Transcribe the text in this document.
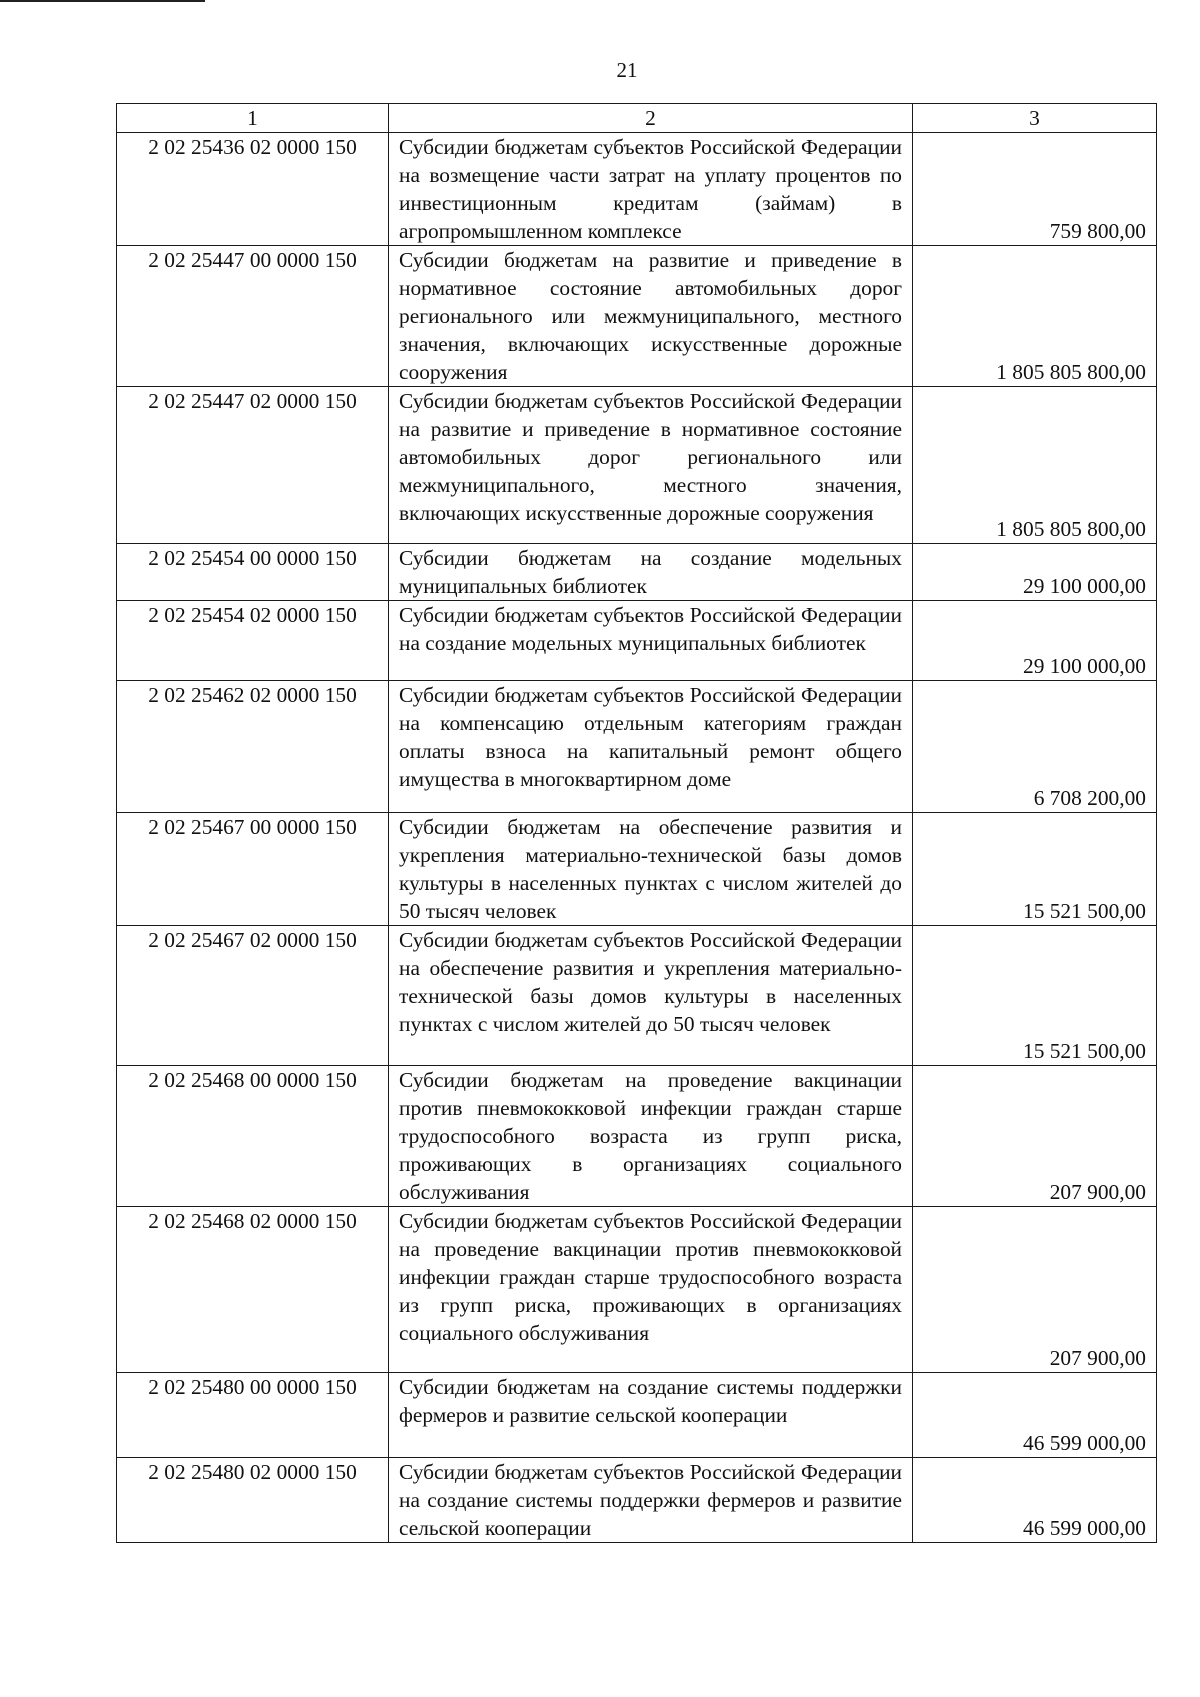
21
1	2	3
2 02 25436 02 0000 150	Субсидии бюджетам субъектов Российской Федерации на возмещение части затрат на уплату процентов по инвестиционным кредитам (займам) в агропромышленном комплексе	759 800,00
2 02 25447 00 0000 150	Субсидии бюджетам на развитие и приведение в нормативное состояние автомобильных дорог регионального или межмуниципального, местного значения, включающих искусственные дорожные сооружения	1 805 805 800,00
2 02 25447 02 0000 150	Субсидии бюджетам субъектов Российской Федерации на развитие и приведение в нормативное состояние автомобильных дорог регионального или межмуниципального, местного значения, включающих искусственные дорожные сооружения	1 805 805 800,00
2 02 25454 00 0000 150	Субсидии бюджетам на создание модельных муниципальных библиотек	29 100 000,00
2 02 25454 02 0000 150	Субсидии бюджетам субъектов Российской Федерации на создание модельных муниципальных библиотек	29 100 000,00
2 02 25462 02 0000 150	Субсидии бюджетам субъектов Российской Федерации на компенсацию отдельным категориям граждан оплаты взноса на капитальный ремонт общего имущества в многоквартирном доме	6 708 200,00
2 02 25467 00 0000 150	Субсидии бюджетам на обеспечение развития и укрепления материально-технической базы домов культуры в населенных пунктах с числом жителей до 50 тысяч человек	15 521 500,00
2 02 25467 02 0000 150	Субсидии бюджетам субъектов Российской Федерации на обеспечение развития и укрепления материально-технической базы домов культуры в населенных пунктах с числом жителей до 50 тысяч человек	15 521 500,00
2 02 25468 00 0000 150	Субсидии бюджетам на проведение вакцинации против пневмококковой инфекции граждан старше трудоспособного возраста из групп риска, проживающих в организациях социального обслуживания	207 900,00
2 02 25468 02 0000 150	Субсидии бюджетам субъектов Российской Федерации на проведение вакцинации против пневмококковой инфекции граждан старше трудоспособного возраста из групп риска, проживающих в организациях социального обслуживания	207 900,00
2 02 25480 00 0000 150	Субсидии бюджетам на создание системы поддержки фермеров и развитие сельской кооперации	46 599 000,00
2 02 25480 02 0000 150	Субсидии бюджетам субъектов Российской Федерации на создание системы поддержки фермеров и развитие сельской кооперации	46 599 000,00
